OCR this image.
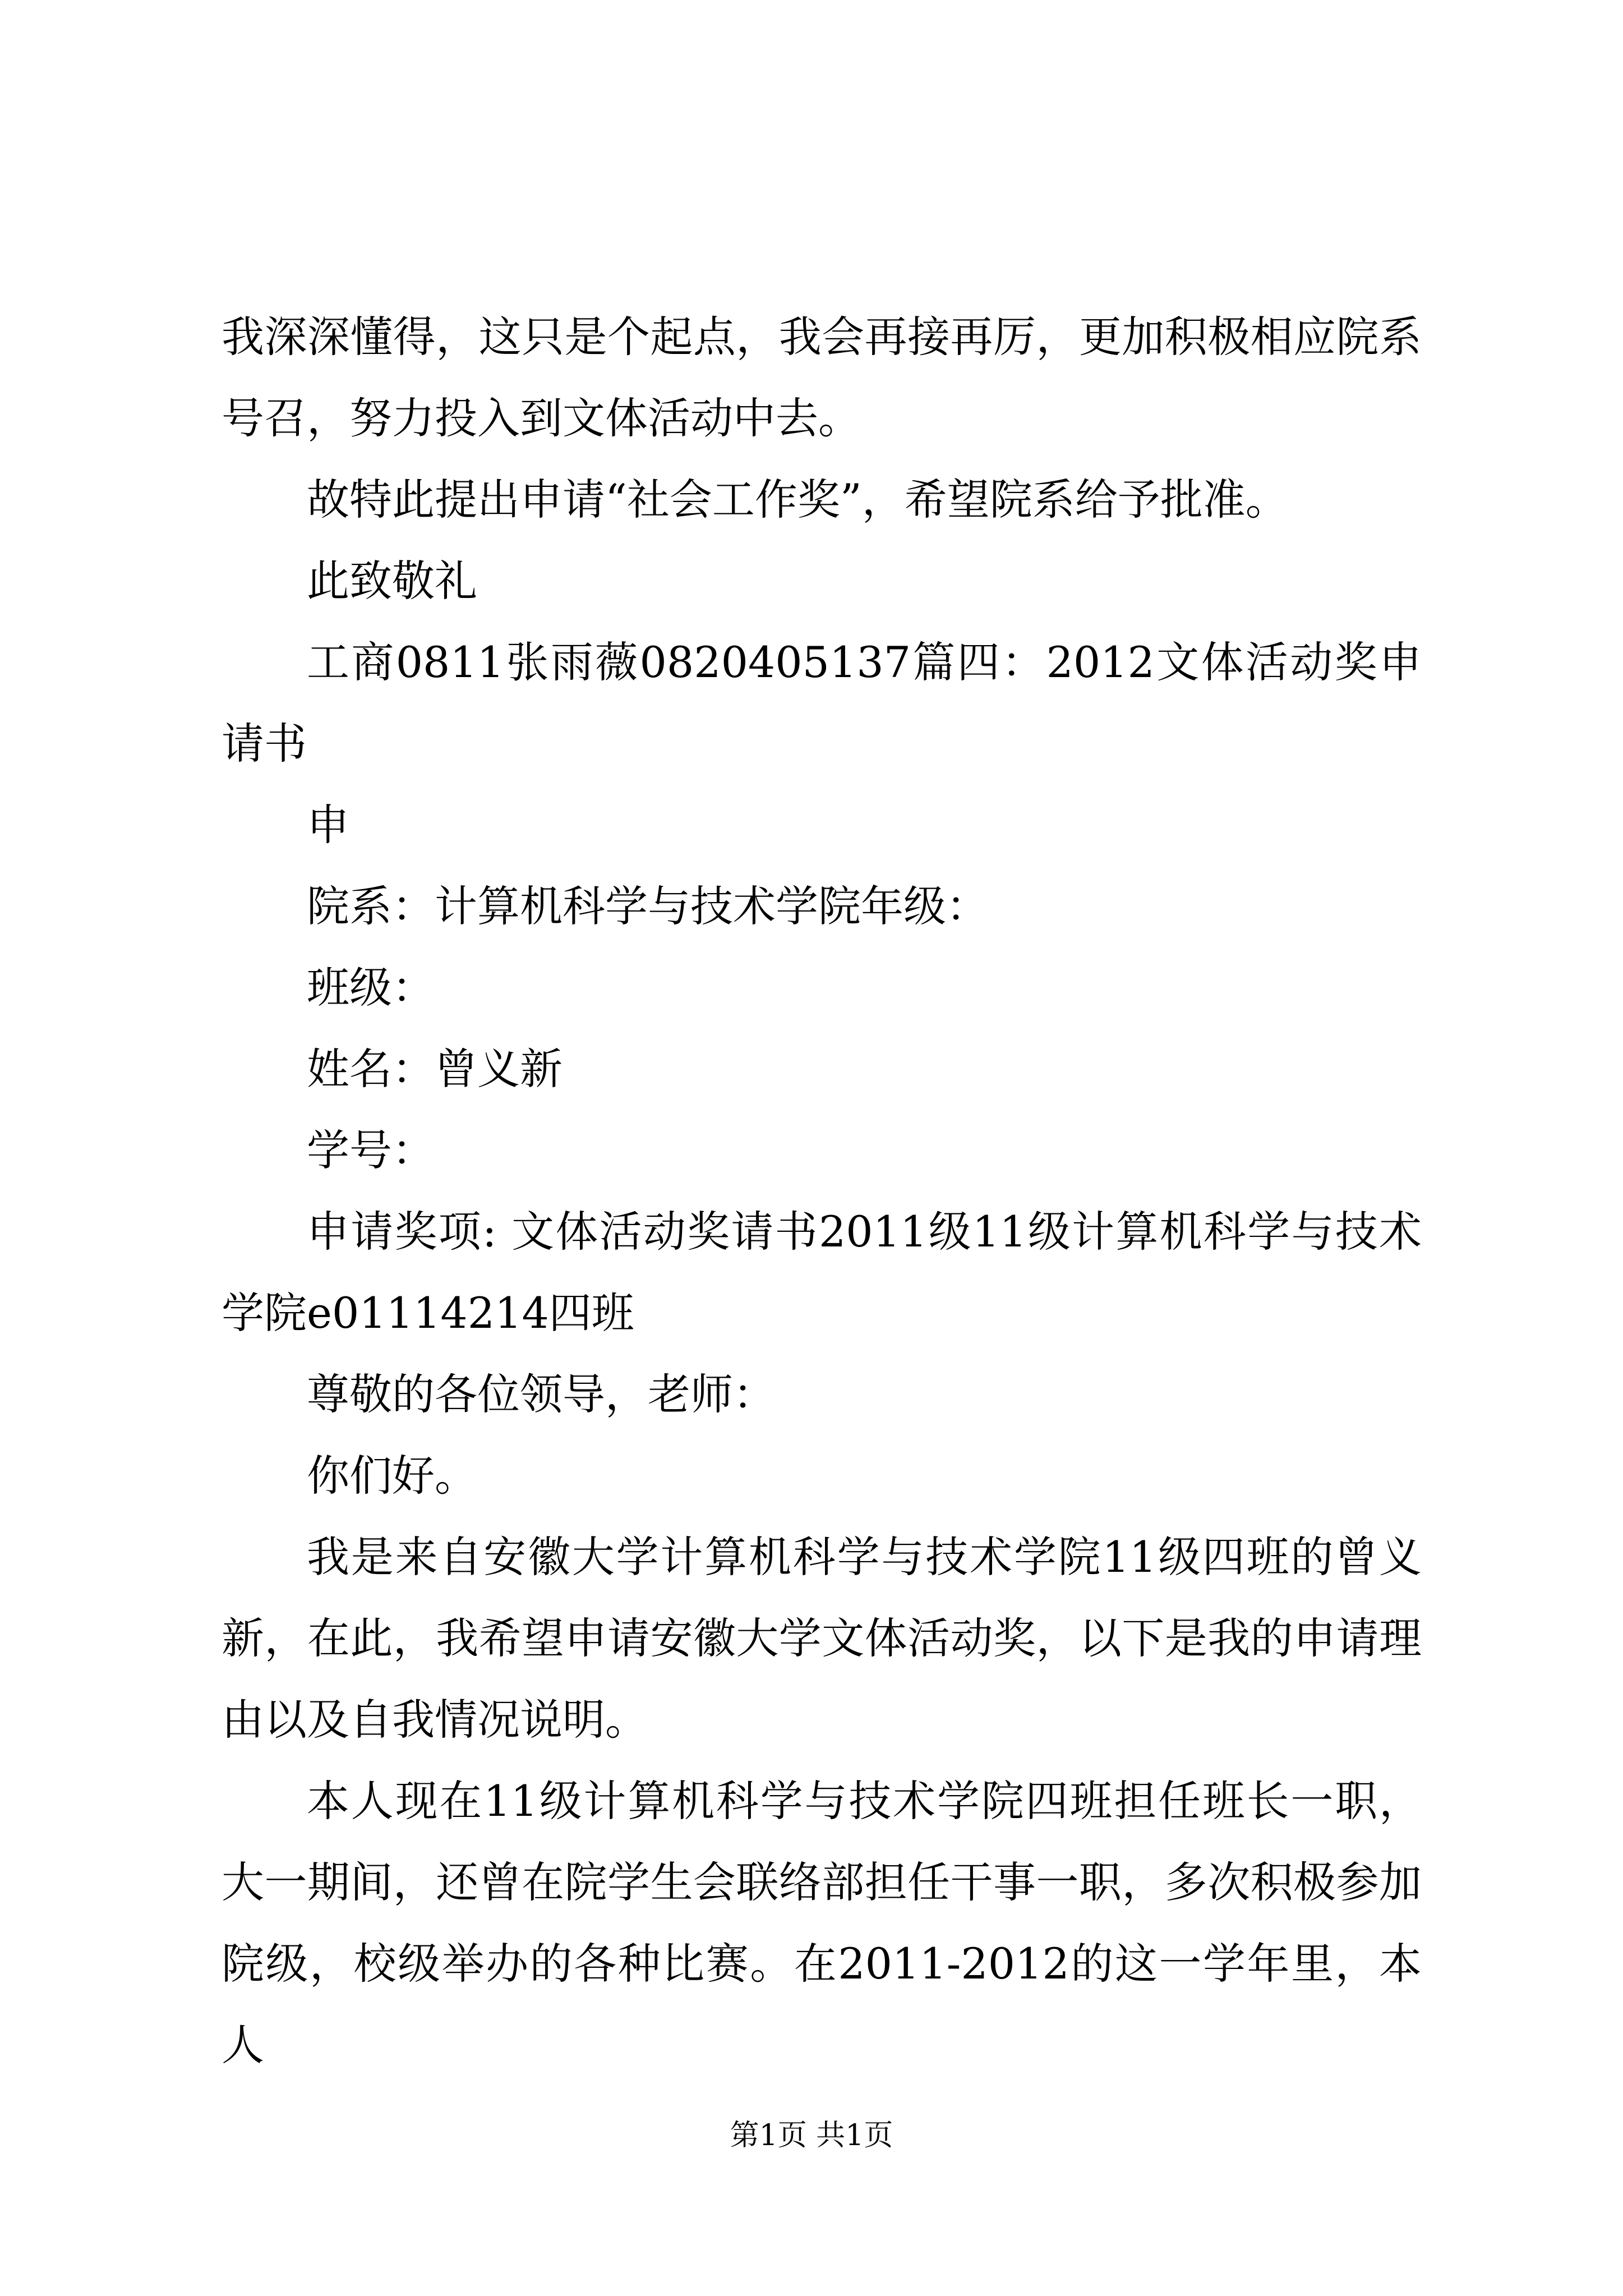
我深深懂得，这只是个起点，我会再接再厉，更加积极相应院系号召，努力投入到文体活动中去。

故特此提出申请“社会工作奖”，希望院系给予批准。

此致敬礼

工商0811张雨薇0820405137篇四：2012文体活动奖申请书

申

院系：计算机科学与技术学院年级：

班级：

姓名：曾义新

学号：

申请奖项: 文体活动奖请书2011级11级计算机科学与技术学院e01114214四班

尊敬的各位领导，老师：

你们好。

我是来自安徽大学计算机科学与技术学院11级四班的曾义新，在此，我希望申请安徽大学文体活动奖，以下是我的申请理由以及自我情况说明。

本人现在11级计算机科学与技术学院四班担任班长一职，大一期间，还曾在院学生会联络部担任干事一职，多次积极参加院级，校级举办的各种比赛。在2011-2012的这一学年里，本人

第1页 共1页
